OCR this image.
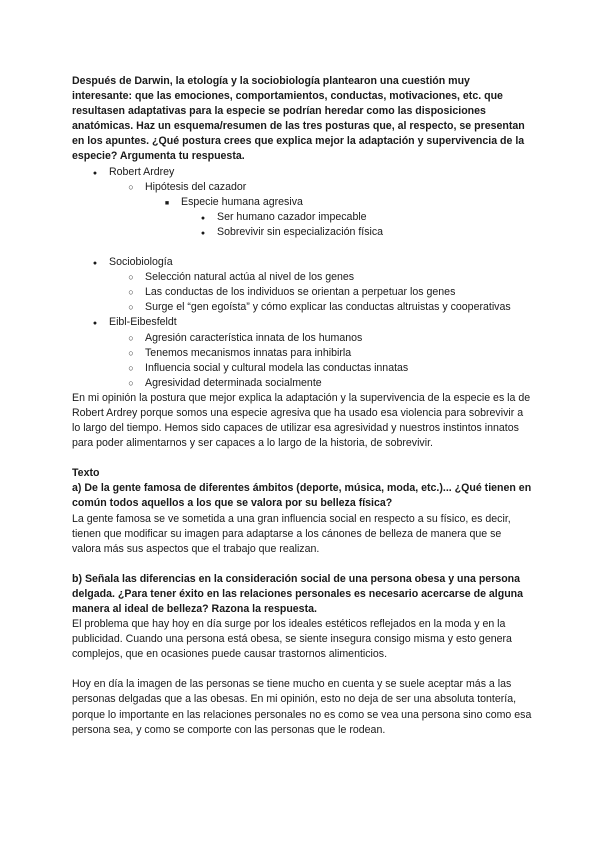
Después de Darwin, la etología y la sociobiología plantearon una cuestión muy interesante: que las emociones, comportamientos, conductas, motivaciones, etc. que resultasen adaptativas para la especie se podrían heredar como las disposiciones anatómicas. Haz un esquema/resumen de las tres posturas que, al respecto, se presentan en los apuntes. ¿Qué postura crees que explica mejor la adaptación y supervivencia de la especie? Argumenta tu respuesta.

●
Robert Ardrey
○
Hipótesis del cazador
■
Especie humana agresiva
●
Ser humano cazador impecable
●
Sobrevivir sin especialización física
●
Sociobiología
○
Selección natural actúa al nivel de los genes
○
Las conductas de los individuos se orientan a perpetuar los genes
○
Surge el “gen egoísta” y cómo explicar las conductas altruistas y cooperativas
●
Eibl-Eibesfeldt
○
Agresión característica innata de los humanos
○
Tenemos mecanismos innatas para inhibirla
○
Influencia social y cultural modela las conductas innatas
○
Agresividad determinada socialmente

En mi opinión la postura que mejor explica la adaptación y la supervivencia de la especie es la de Robert Ardrey porque somos una especie agresiva que ha usado esa violencia para sobrevivir a lo largo del tiempo. Hemos sido capaces de utilizar esa agresividad y nuestros instintos innatos para poder alimentarnos y ser capaces a lo largo de la historia, de sobrevivir.

Texto

a) De la gente famosa de diferentes ámbitos (deporte, música, moda, etc.)... ¿Qué tienen en común todos aquellos a los que se valora por su belleza física?

La gente famosa se ve sometida a una gran influencia social en respecto a su físico, es decir, tienen que modificar su imagen para adaptarse a los cánones de belleza de manera que se valora más sus aspectos que el trabajo que realizan.

b) Señala las diferencias en la consideración social de una persona obesa y una persona delgada. ¿Para tener éxito en las relaciones personales es necesario acercarse de alguna manera al ideal de belleza? Razona la respuesta.

El problema que hay hoy en día surge por los ideales estéticos reflejados en la moda y en la publicidad. Cuando una persona está obesa, se siente insegura consigo misma y esto genera complejos, que en ocasiones puede causar trastornos alimenticios.

Hoy en día la imagen de las personas se tiene mucho en cuenta y se suele aceptar más a las personas delgadas que a las obesas. En mi opinión, esto no deja de ser una absoluta tontería, porque lo importante en las relaciones personales no es como se vea una persona sino como esa persona sea, y como se comporte con las personas que le rodean.
